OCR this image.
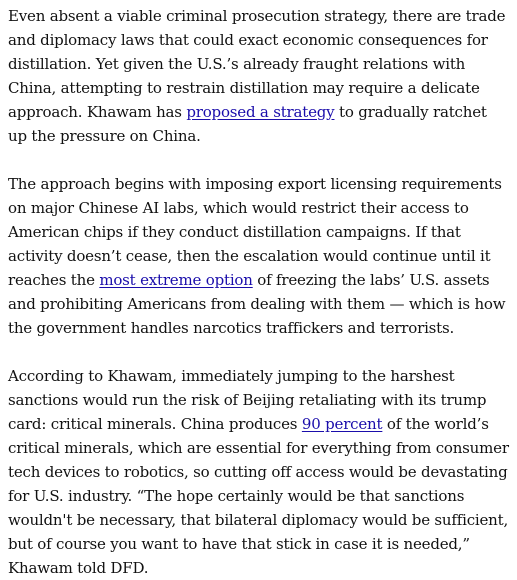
Even absent a viable criminal prosecution strategy, there are trade and diplomacy laws that could exact economic consequences for distillation. Yet given the U.S.’s already fraught relations with China, attempting to restrain distillation may require a delicate approach. Khawam has proposed a strategy to gradually ratchet up the pressure on China.

The approach begins with imposing export licensing requirements on major Chinese AI labs, which would restrict their access to American chips if they conduct distillation campaigns. If that activity doesn’t cease, then the escalation would continue until it reaches the most extreme option of freezing the labs’ U.S. assets and prohibiting Americans from dealing with them — which is how the government handles narcotics traffickers and terrorists.

According to Khawam, immediately jumping to the harshest sanctions would run the risk of Beijing retaliating with its trump card: critical minerals. China produces 90 percent of the world’s critical minerals, which are essential for everything from consumer tech devices to robotics, so cutting off access would be devastating for U.S. industry. “The hope certainly would be that sanctions wouldn't be necessary, that bilateral diplomacy would be sufficient, but of course you want to have that stick in case it is needed,” Khawam told DFD.
